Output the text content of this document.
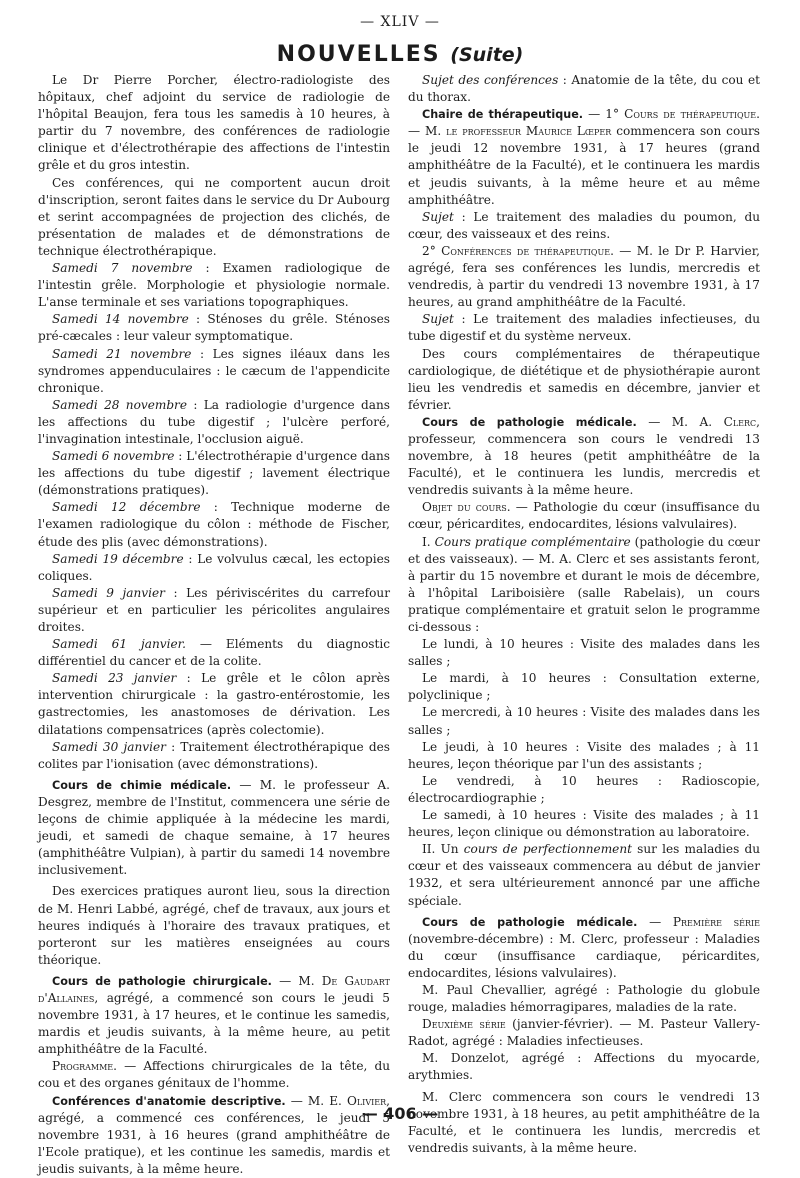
— XLIV —
NOUVELLES (Suite)

Le Dr Pierre Porcher, électro-radiologiste des hôpitaux, chef adjoint du service de radiologie de l'hôpital Beaujon, fera tous les samedis à 10 heures, à partir du 7 novembre, des conférences de radiologie clinique et d'électrothérapie des affections de l'intestin grêle et du gros intestin.

Ces conférences, qui ne comportent aucun droit d'inscription, seront faites dans le service du Dr Aubourg et serint accompagnées de projection des clichés, de présentation de malades et de démonstrations de technique électrothérapique.

Samedi 7 novembre : Examen radiologique de l'intestin grêle. Morphologie et physiologie normale. L'anse terminale et ses variations topographiques.

Samedi 14 novembre : Sténoses du grêle. Sténoses pré-cæcales : leur valeur symptomatique.

Samedi 21 novembre : Les signes iléaux dans les syndromes appenduculaires : le cæcum de l'appendicite chronique.

Samedi 28 novembre : La radiologie d'urgence dans les affections du tube digestif ; l'ulcère perforé, l'invagination intestinale, l'occlusion aiguë.

Samedi 6 novembre : L'électrothérapie d'urgence dans les affections du tube digestif ; lavement électrique (démonstrations pratiques).

Samedi 12 décembre : Technique moderne de l'examen radiologique du côlon : méthode de Fischer, étude des plis (avec démonstrations).

Samedi 19 décembre : Le volvulus cæcal, les ectopies coliques.

Samedi 9 janvier : Les périviscérites du carrefour supérieur et en particulier les péricolites angulaires droites.

Samedi 61 janvier. — Eléments du diagnostic différentiel du cancer et de la colite.

Samedi 23 janvier : Le grêle et le côlon après intervention chirurgicale : la gastro-entérostomie, les gastrectomies, les anastomoses de dérivation. Les dilatations compensatrices (après colectomie).

Samedi 30 janvier : Traitement électrothérapique des colites par l'ionisation (avec démonstrations).

Cours de chimie médicale. — M. le professeur A. Desgrez, membre de l'Institut, commencera une série de leçons de chimie appliquée à la médecine les mardi, jeudi, et samedi de chaque semaine, à 17 heures (amphithéâtre Vulpian), à partir du samedi 14 novembre inclusivement.

Des exercices pratiques auront lieu, sous la direction de M. Henri Labbé, agrégé, chef de travaux, aux jours et heures indiqués à l'horaire des travaux pratiques, et porteront sur les matières enseignées au cours théorique.

Cours de pathologie chirurgicale. — M. De Gaudart d'Allaines, agrégé, a commencé son cours le jeudi 5 novembre 1931, à 17 heures, et le continue les samedis, mardis et jeudis suivants, à la même heure, au petit amphithéâtre de la Faculté.

Programme. — Affections chirurgicales de la tête, du cou et des organes génitaux de l'homme.

Conférences d'anatomie descriptive. — M. E. Olivier, agrégé, a commencé ces conférences, le jeudi 5 novembre 1931, à 16 heures (grand amphithéâtre de l'Ecole pratique), et les continue les samedis, mardis et jeudis suivants, à la même heure.

Sujet des conférences : Anatomie de la tête, du cou et du thorax.

Chaire de thérapeutique. — 1° Cours de thérapeutique. — M. le professeur Maurice Lœper commencera son cours le jeudi 12 novembre 1931, à 17 heures (grand amphithéâtre de la Faculté), et le continuera les mardis et jeudis suivants, à la même heure et au même amphithéâtre.

Sujet : Le traitement des maladies du poumon, du cœur, des vaisseaux et des reins.

2° Conférences de thérapeutique. — M. le Dr P. Harvier, agrégé, fera ses conférences les lundis, mercredis et vendredis, à partir du vendredi 13 novembre 1931, à 17 heures, au grand amphithéâtre de la Faculté.

Sujet : Le traitement des maladies infectieuses, du tube digestif et du système nerveux.

Des cours complémentaires de thérapeutique cardiologique, de diététique et de physiothérapie auront lieu les vendredis et samedis en décembre, janvier et février.

Cours de pathologie médicale. — M. A. Clerc, professeur, commencera son cours le vendredi 13 novembre, à 18 heures (petit amphithéâtre de la Faculté), et le continuera les lundis, mercredis et vendredis suivants à la même heure.

Objet du cours. — Pathologie du cœur (insuffisance du cœur, péricardites, endocardites, lésions valvulaires).

I. Cours pratique complémentaire (pathologie du cœur et des vaisseaux). — M. A. Clerc et ses assistants feront, à partir du 15 novembre et durant le mois de décembre, à l'hôpital Lariboisière (salle Rabelais), un cours pratique complémentaire et gratuit selon le programme ci-dessous :

Le lundi, à 10 heures : Visite des malades dans les salles ;

Le mardi, à 10 heures : Consultation externe, polyclinique ;

Le mercredi, à 10 heures : Visite des malades dans les salles ;

Le jeudi, à 10 heures : Visite des malades ; à 11 heures, leçon théorique par l'un des assistants ;

Le vendredi, à 10 heures : Radioscopie, électrocardiographie ;

Le samedi, à 10 heures : Visite des malades ; à 11 heures, leçon clinique ou démonstration au laboratoire.

II. Un cours de perfectionnement sur les maladies du cœur et des vaisseaux commencera au début de janvier 1932, et sera ultérieurement annoncé par une affiche spéciale.

Cours de pathologie médicale. — Première série (novembre-décembre) : M. Clerc, professeur : Maladies du cœur (insuffisance cardiaque, péricardites, endocardites, lésions valvulaires).

M. Paul Chevallier, agrégé : Pathologie du globule rouge, maladies hémorragipares, maladies de la rate.

Deuxième série (janvier-février). — M. Pasteur Vallery-Radot, agrégé : Maladies infectieuses.

M. Donzelot, agrégé : Affections du myocarde, arythmies.

M. Clerc commencera son cours le vendredi 13 novembre 1931, à 18 heures, au petit amphithéâtre de la Faculté, et le continuera les lundis, mercredis et vendredis suivants, à la même heure.

— 406 —
